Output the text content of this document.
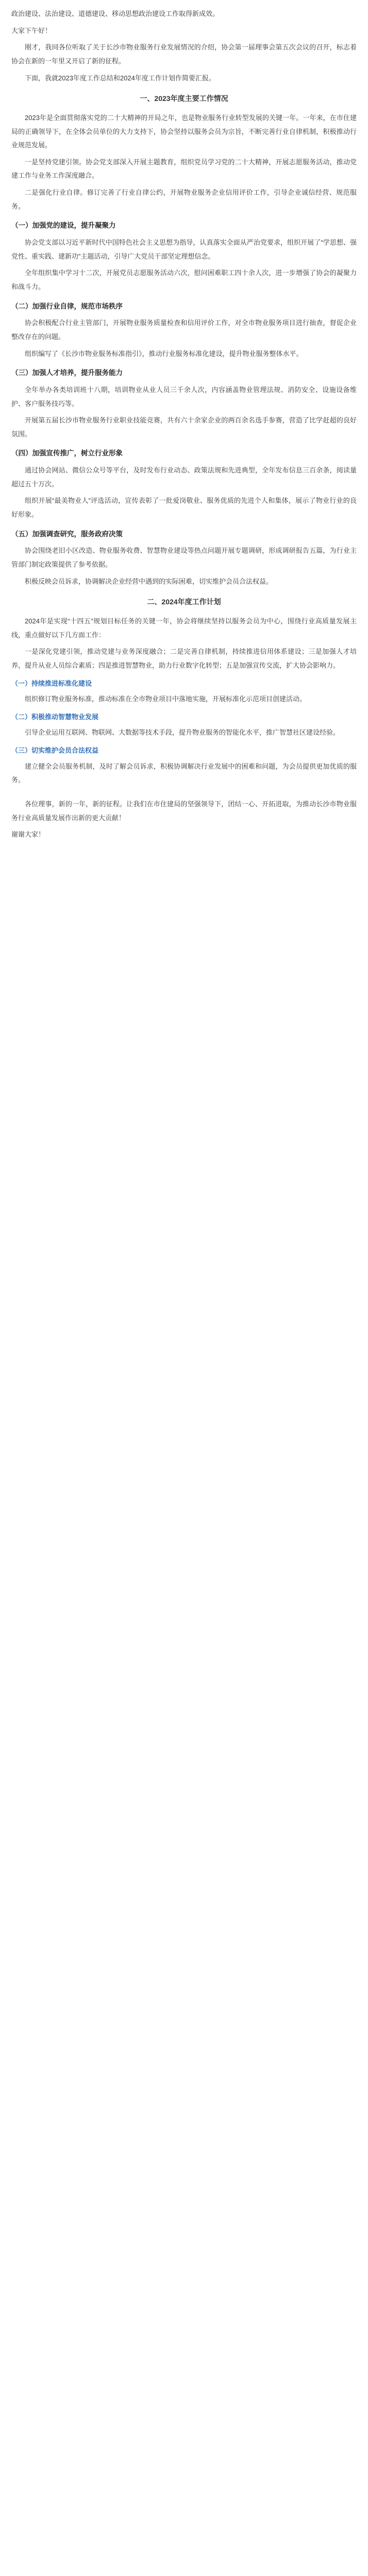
政治建设、法治建设、道德建设、移动思想政治建设工作取得新成效。

大家下午好！

刚才，我同各位听取了关于长沙市物业服务行业发展情况的介绍，协会第一届理事会第五次会议的召开，标志着协会在新的一年里又开启了新的征程。

下面，我就2023年度工作总结和2024年度工作计划作简要汇报。

一、2023年度主要工作情况

2023年是全面贯彻落实党的二十大精神的开局之年，也是物业服务行业转型发展的关键一年。一年来，在市住建局的正确领导下，在全体会员单位的大力支持下，协会坚持以服务会员为宗旨，不断完善行业自律机制，积极推动行业规范发展。

一是坚持党建引领。协会党支部深入开展主题教育，组织党员学习党的二十大精神，开展志愿服务活动，推动党建工作与业务工作深度融合。

二是强化行业自律。修订完善了行业自律公约，开展物业服务企业信用评价工作，引导企业诚信经营、规范服务。

（一）加强党的建设，提升凝聚力

协会党支部以习近平新时代中国特色社会主义思想为指导，认真落实全面从严治党要求，组织开展了“学思想、强党性、重实践、建新功”主题活动，引导广大党员干部坚定理想信念。

全年组织集中学习十二次，开展党员志愿服务活动六次，慰问困难职工四十余人次，进一步增强了协会的凝聚力和战斗力。

（二）加强行业自律，规范市场秩序

协会积极配合行业主管部门，开展物业服务质量检查和信用评价工作，对全市物业服务项目进行抽查，督促企业整改存在的问题。

组织编写了《长沙市物业服务标准指引》，推动行业服务标准化建设，提升物业服务整体水平。

（三）加强人才培养，提升服务能力

全年举办各类培训班十八期，培训物业从业人员三千余人次，内容涵盖物业管理法规、消防安全、设施设备维护、客户服务技巧等。

开展第五届长沙市物业服务行业职业技能竞赛，共有六十余家企业的两百余名选手参赛，营造了比学赶超的良好氛围。

（四）加强宣传推广，树立行业形象

通过协会网站、微信公众号等平台，及时发布行业动态、政策法规和先进典型，全年发布信息三百余条，阅读量超过五十万次。

组织开展“最美物业人”评选活动，宣传表彰了一批爱岗敬业、服务优质的先进个人和集体，展示了物业行业的良好形象。

（五）加强调查研究，服务政府决策

协会围绕老旧小区改造、物业服务收费、智慧物业建设等热点问题开展专题调研，形成调研报告五篇，为行业主管部门制定政策提供了参考依据。

积极反映会员诉求，协调解决企业经营中遇到的实际困难，切实维护会员合法权益。

二、2024年度工作计划

2024年是实现“十四五”规划目标任务的关键一年，协会将继续坚持以服务会员为中心，围绕行业高质量发展主线，重点做好以下几方面工作：

一是深化党建引领，推动党建与业务深度融合；二是完善自律机制，持续推进信用体系建设；三是加强人才培养，提升从业人员综合素质；四是推进智慧物业，助力行业数字化转型；五是加强宣传交流，扩大协会影响力。

（一）持续推进标准化建设

组织修订物业服务标准，推动标准在全市物业项目中落地实施，开展标准化示范项目创建活动。

（二）积极推动智慧物业发展

引导企业运用互联网、物联网、大数据等技术手段，提升物业服务的智能化水平，推广智慧社区建设经验。

（三）切实维护会员合法权益

建立健全会员服务机制，及时了解会员诉求，积极协调解决行业发展中的困难和问题，为会员提供更加优质的服务。

各位理事，新的一年，新的征程。让我们在市住建局的坚强领导下，团结一心、开拓进取，为推动长沙市物业服务行业高质量发展作出新的更大贡献！

谢谢大家！
